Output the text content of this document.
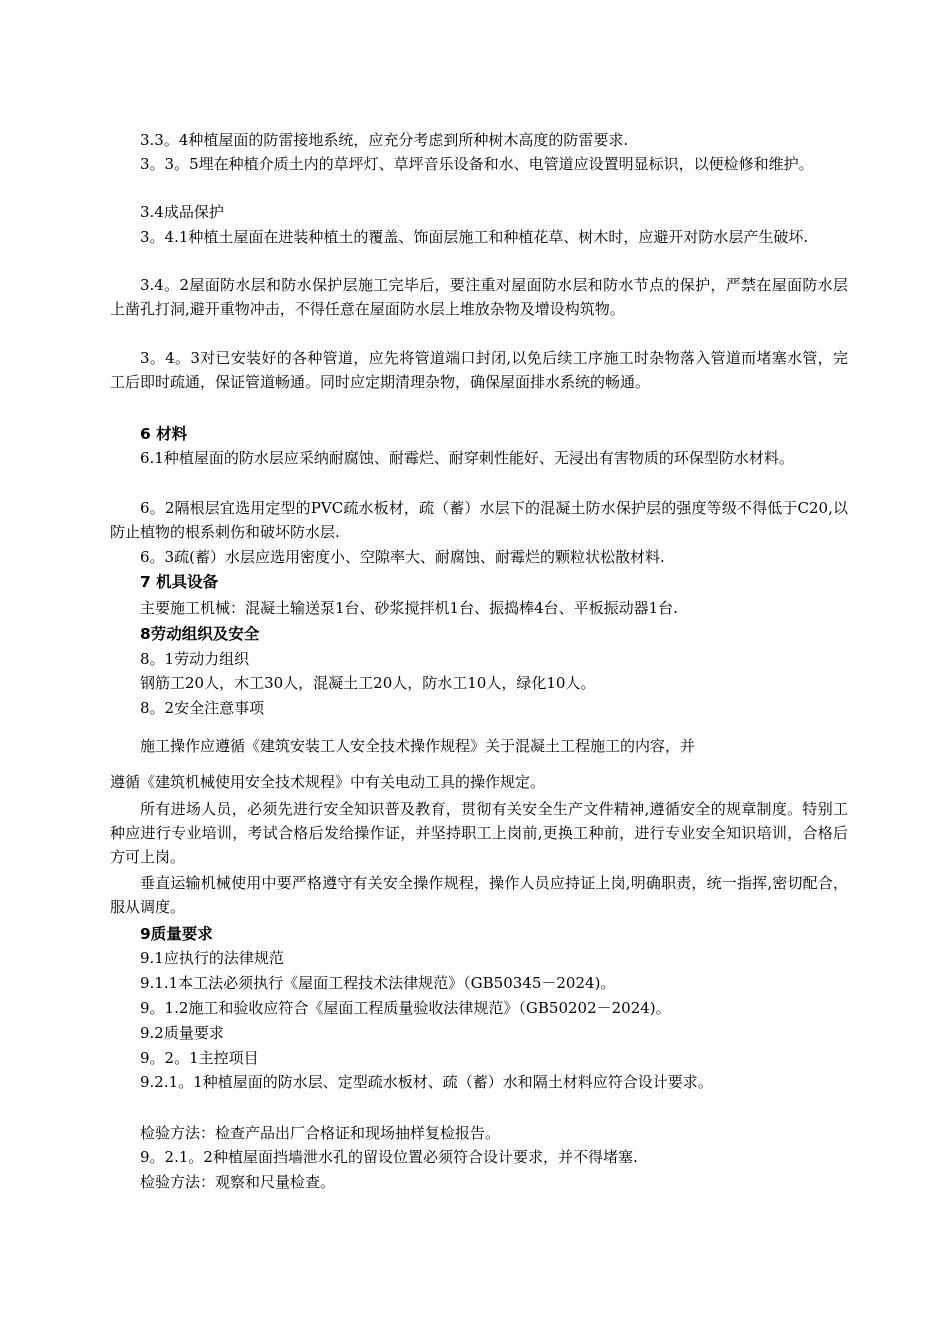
3.3。4种植屋面的防雷接地系统，应充分考虑到所种树木高度的防雷要求.

3。3。5埋在种植介质土内的草坪灯、草坪音乐设备和水、电管道应设置明显标识，以便检修和维护。

3.4成品保护

3。4.1种植土屋面在进装种植土的覆盖、饰面层施工和种植花草、树木时，应避开对防水层产生破坏.

3.4。2屋面防水层和防水保护层施工完毕后，要注重对屋面防水层和防水节点的保护，严禁在屋面防水层上凿孔打洞,避开重物冲击，不得任意在屋面防水层上堆放杂物及增设构筑物。

3。4。3对已安装好的各种管道，应先将管道端口封闭,以免后续工序施工时杂物落入管道而堵塞水管，完工后即时疏通，保证管道畅通。同时应定期清理杂物，确保屋面排水系统的畅通。

6 材料

6.1种植屋面的防水层应采纳耐腐蚀、耐霉烂、耐穿刺性能好、无浸出有害物质的环保型防水材料。

6。2隔根层宜选用定型的PVC疏水板材，疏（蓄）水层下的混凝土防水保护层的强度等级不得低于C20,以防止植物的根系刺伤和破坏防水层.

6。3疏(蓄）水层应选用密度小、空隙率大、耐腐蚀、耐霉烂的颗粒状松散材料.
7 机具设备
主要施工机械：混凝土输送泵1台、砂浆搅拌机1台、振捣棒4台、平板振动器1台.
8劳动组织及安全
8。1劳动力组织
钢筋工20人，木工30人，混凝土工20人，防水工10人，绿化10人。
8。2安全注意事项
施工操作应遵循《建筑安装工人安全技术操作规程》关于混凝土工程施工的内容，并
遵循《建筑机械使用安全技术规程》中有关电动工具的操作规定。

所有进场人员，必须先进行安全知识普及教育，贯彻有关安全生产文件精神,遵循安全的规章制度。特别工种应进行专业培训，考试合格后发给操作证，并坚持职工上岗前,更换工种前，进行专业安全知识培训，合格后方可上岗。

垂直运输机械使用中要严格遵守有关安全操作规程，操作人员应持证上岗,明确职责，统一指挥,密切配合，服从调度。

9质量要求
9.1应执行的法律规范
9.1.1本工法必须执行《屋面工程技术法律规范》（GB50345－2024)。
9。1.2施工和验收应符合《屋面工程质量验收法律规范》（GB50202－2024)。
9.2质量要求
9。2。1主控项目

9.2.1。1种植屋面的防水层、定型疏水板材、疏（蓄）水和隔土材料应符合设计要求。

检验方法：检查产品出厂合格证和现场抽样复检报告。
9。2.1。2种植屋面挡墙泄水孔的留设位置必须符合设计要求，并不得堵塞.
检验方法：观察和尺量检查。
